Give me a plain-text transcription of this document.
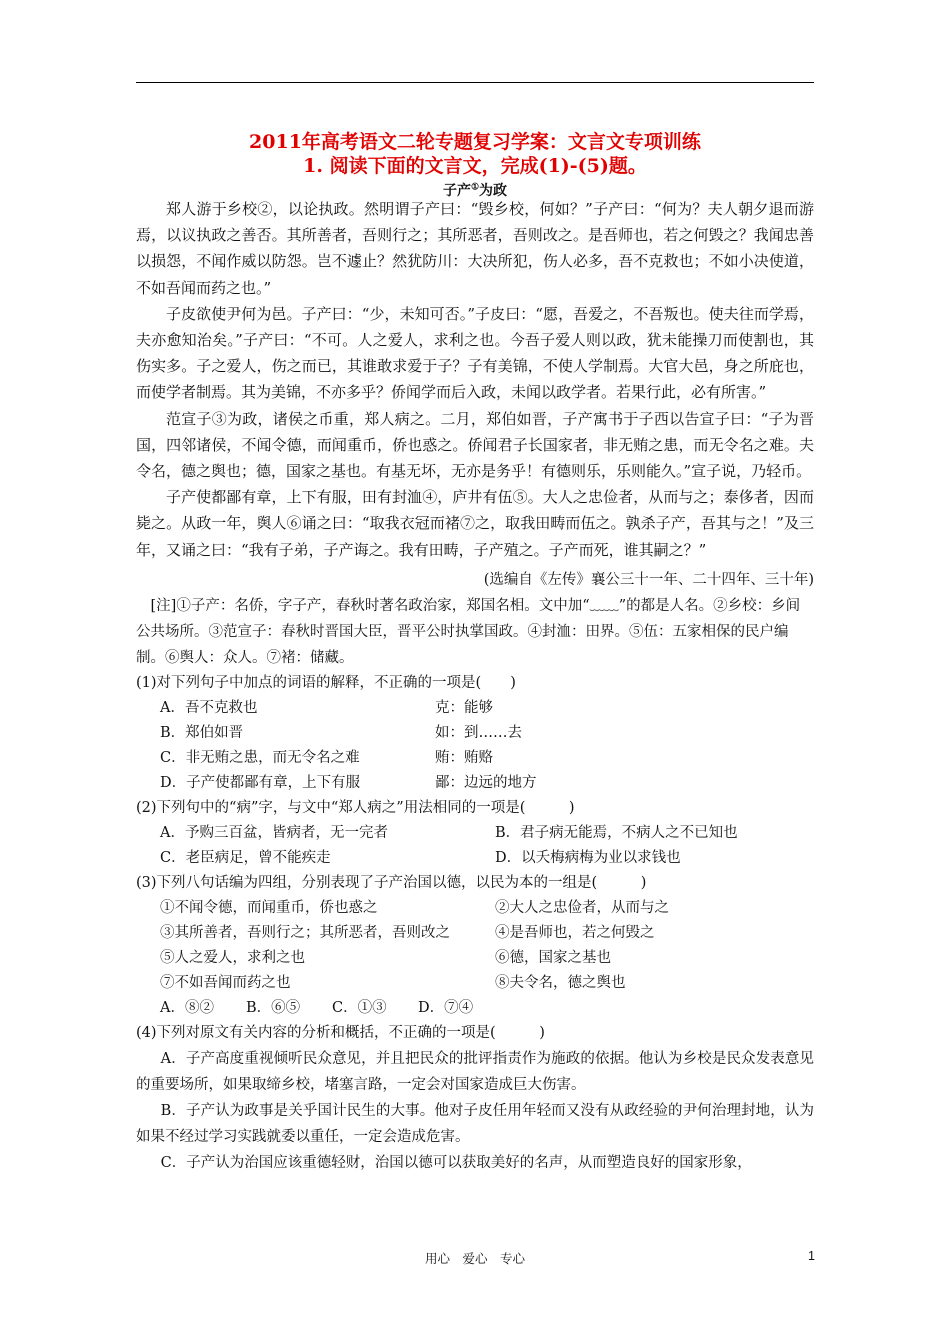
2011年高考语文二轮专题复习学案：文言文专项训练
1. 阅读下面的文言文，完成(1)-(5)题。
子产①为政

郑人游于乡校②，以论执政。然明谓子产曰：“毁乡校，何如？”子产曰：“何为？夫人朝夕退而游焉，以议执政之善否。其所善者，吾则行之；其所恶者，吾则改之。是吾师也，若之何毁之？我闻忠善以损怨，不闻作威以防怨。岂不遽止？然犹防川：大决所犯，伤人必多，吾不克救也；不如小决使道，不如吾闻而药之也。”

子皮欲使尹何为邑。子产曰：“少，未知可否。”子皮曰：“愿，吾爱之，不吾叛也。使夫往而学焉，夫亦愈知治矣。”子产曰：“不可。人之爱人，求利之也。今吾子爱人则以政，犹未能操刀而使割也，其伤实多。子之爱人，伤之而已，其谁敢求爱于子？子有美锦，不使人学制焉。大官大邑，身之所庇也，而使学者制焉。其为美锦，不亦多乎？侨闻学而后入政，未闻以政学者。若果行此，必有所害。”

范宣子③为政，诸侯之币重，郑人病之。二月，郑伯如晋，子产寓书于子西以告宣子曰：“子为晋国，四邻诸侯，不闻令德，而闻重币，侨也惑之。侨闻君子长国家者，非无贿之患，而无令名之难。夫令名，德之舆也；德，国家之基也。有基无坏，无亦是务乎！有德则乐，乐则能久。”宣子说，乃轻币。

子产使都鄙有章，上下有服，田有封洫④，庐井有伍⑤。大人之忠俭者，从而与之；泰侈者，因而毙之。从政一年，舆人⑥诵之曰：“取我衣冠而褚⑦之，取我田畴而伍之。孰杀子产，吾其与之！”及三年，又诵之曰：“我有子弟，子产诲之。我有田畴，子产殖之。子产而死，谁其嗣之？”

(选编自《左传》襄公三十一年、二十四年、三十年)

[注]①子产：名侨，字子产，春秋时著名政治家，郑国名相。文中加“﹏﹏”的都是人名。②乡校：乡间公共场所。③范宣子：春秋时晋国大臣，晋平公时执掌国政。④封洫：田界。⑤伍：五家相保的民户编制。⑥舆人：众人。⑦褚：储藏。

(1)对下列句子中加点的词语的解释，不正确的一项是(　　)

A．吾不克救也	克：能够
B．郑伯如晋	如：到……去
C．非无贿之患，而无令名之难	贿：贿赂
D．子产使都鄙有章，上下有服	鄙：边远的地方

(2)下列句中的“病”字，与文中“郑人病之”用法相同的一项是(　　　)

A．予购三百盆，皆病者，无一完者	B．君子病无能焉，不病人之不已知也
C．老臣病足，曾不能疾走	D．以夭梅病梅为业以求钱也

(3)下列八句话编为四组，分别表现了子产治国以德，以民为本的一组是(　　　)

①不闻令德，而闻重币，侨也惑之	②大人之忠俭者，从而与之
③其所善者，吾则行之；其所恶者，吾则改之	④是吾师也，若之何毁之
⑤人之爱人，求利之也	⑥德，国家之基也
⑦不如吾闻而药之也	⑧夫令名，德之舆也
A．⑧② B．⑥⑤ C．①③ D．⑦④

(4)下列对原文有关内容的分析和概括，不正确的一项是(　　　)

A．子产高度重视倾听民众意见，并且把民众的批评指责作为施政的依据。他认为乡校是民众发表意见的重要场所，如果取缔乡校，堵塞言路，一定会对国家造成巨大伤害。

B．子产认为政事是关乎国计民生的大事。他对子皮任用年轻而又没有从政经验的尹何治理封地，认为如果不经过学习实践就委以重任，一定会造成危害。

C．子产认为治国应该重德轻财，治国以德可以获取美好的名声，从而塑造良好的国家形象，

用心　爱心　专心	1
